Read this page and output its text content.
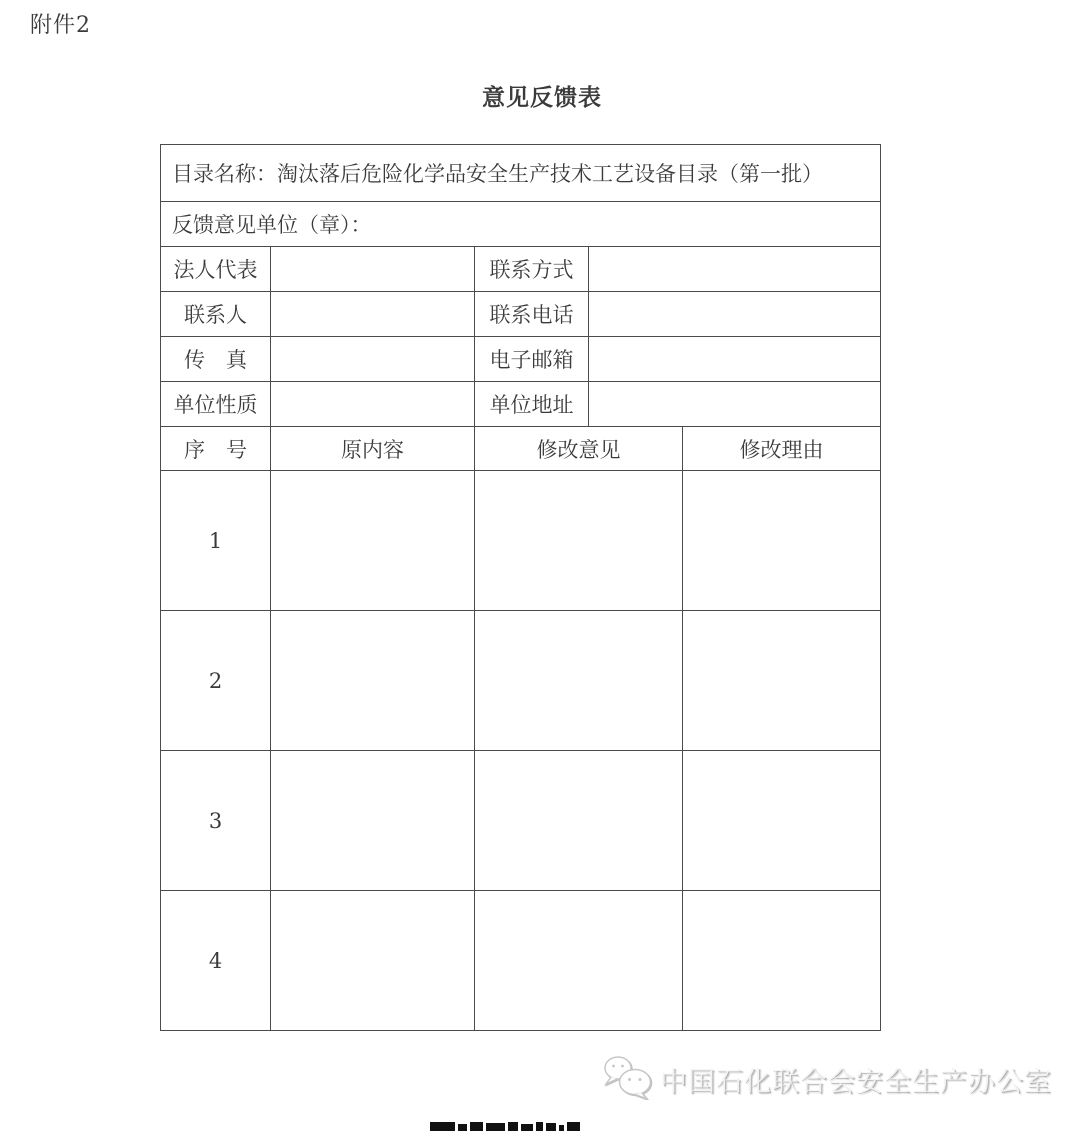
附件2
意见反馈表
目录名称：淘汰落后危险化学品安全生产技术工艺设备目录（第一批）				
反馈意见单位（章）：				
法人代表		联系方式		
联系人		联系电话		
传　真		电子邮箱		
单位性质		单位地址		
序　号	原内容	修改意见		修改理由
1				
2				
3				
4				
中国石化联合会安全生产办公室
